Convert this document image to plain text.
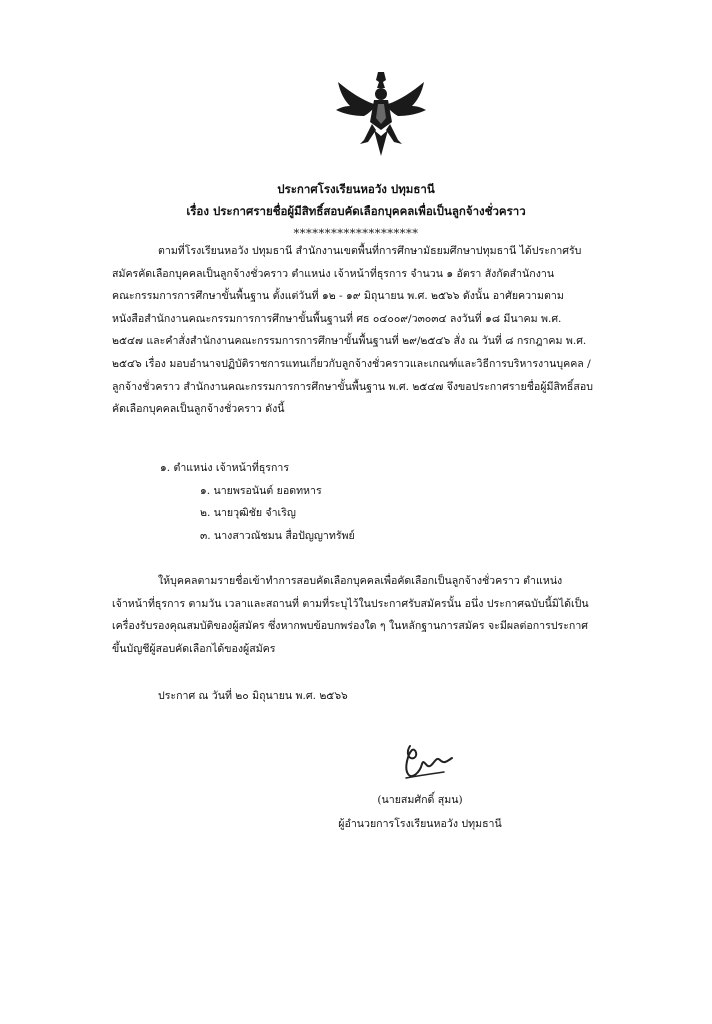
ประกาศโรงเรียนหอวัง ปทุมธานี
เรื่อง ประกาศรายชื่อผู้มีสิทธิ์สอบคัดเลือกบุคคลเพื่อเป็นลูกจ้างชั่วคราว
********************
ตามที่โรงเรียนหอวัง ปทุมธานี สำนักงานเขตพื้นที่การศึกษามัธยมศึกษาปทุมธานี ได้ประกาศรับ
สมัครคัดเลือกบุคคลเป็นลูกจ้างชั่วคราว ตำแหน่ง เจ้าหน้าที่ธุรการ จำนวน ๑ อัตรา สังกัดสำนักงาน
คณะกรรมการการศึกษาขั้นพื้นฐาน ตั้งแต่วันที่ ๑๒ - ๑๙ มิถุนายน พ.ศ. ๒๕๖๖ ดังนั้น อาศัยความตาม
หนังสือสำนักงานคณะกรรมการการศึกษาขั้นพื้นฐานที่ ศธ ๐๔๐๐๙/ว๓๐๓๔ ลงวันที่ ๑๘ มีนาคม พ.ศ.
๒๕๔๗ และคำสั่งสำนักงานคณะกรรมการการศึกษาขั้นพื้นฐานที่ ๒๙/๒๕๔๖ สั่ง ณ วันที่ ๘ กรกฎาคม พ.ศ.
๒๕๔๖ เรื่อง มอบอำนาจปฏิบัติราชการแทนเกี่ยวกับลูกจ้างชั่วคราวและเกณฑ์และวิธีการบริหารงานบุคคล /
ลูกจ้างชั่วคราว สำนักงานคณะกรรมการการศึกษาขั้นพื้นฐาน พ.ศ. ๒๕๔๗ จึงขอประกาศรายชื่อผู้มีสิทธิ์สอบ
คัดเลือกบุคคลเป็นลูกจ้างชั่วคราว ดังนี้
๑. ตำแหน่ง เจ้าหน้าที่ธุรการ
๑. นายพรอนันต์ ยอดทหาร
๒. นายวุฒิชัย จำเริญ
๓. นางสาวณัชมน สื่อปัญญาทรัพย์
ให้บุคคลตามรายชื่อเข้าทำการสอบคัดเลือกบุคคลเพื่อคัดเลือกเป็นลูกจ้างชั่วคราว ตำแหน่ง
เจ้าหน้าที่ธุรการ ตามวัน เวลาและสถานที่ ตามที่ระบุไว้ในประกาศรับสมัครนั้น อนึ่ง ประกาศฉบับนี้มิได้เป็น
เครื่องรับรองคุณสมบัติของผู้สมัคร ซึ่งหากพบข้อบกพร่องใด ๆ ในหลักฐานการสมัคร จะมีผลต่อการประกาศ
ขึ้นบัญชีผู้สอบคัดเลือกได้ของผู้สมัคร
ประกาศ ณ วันที่ ๒๐ มิถุนายน พ.ศ. ๒๕๖๖
(นายสมศักดิ์ สุมน)
ผู้อำนวยการโรงเรียนหอวัง ปทุมธานี
